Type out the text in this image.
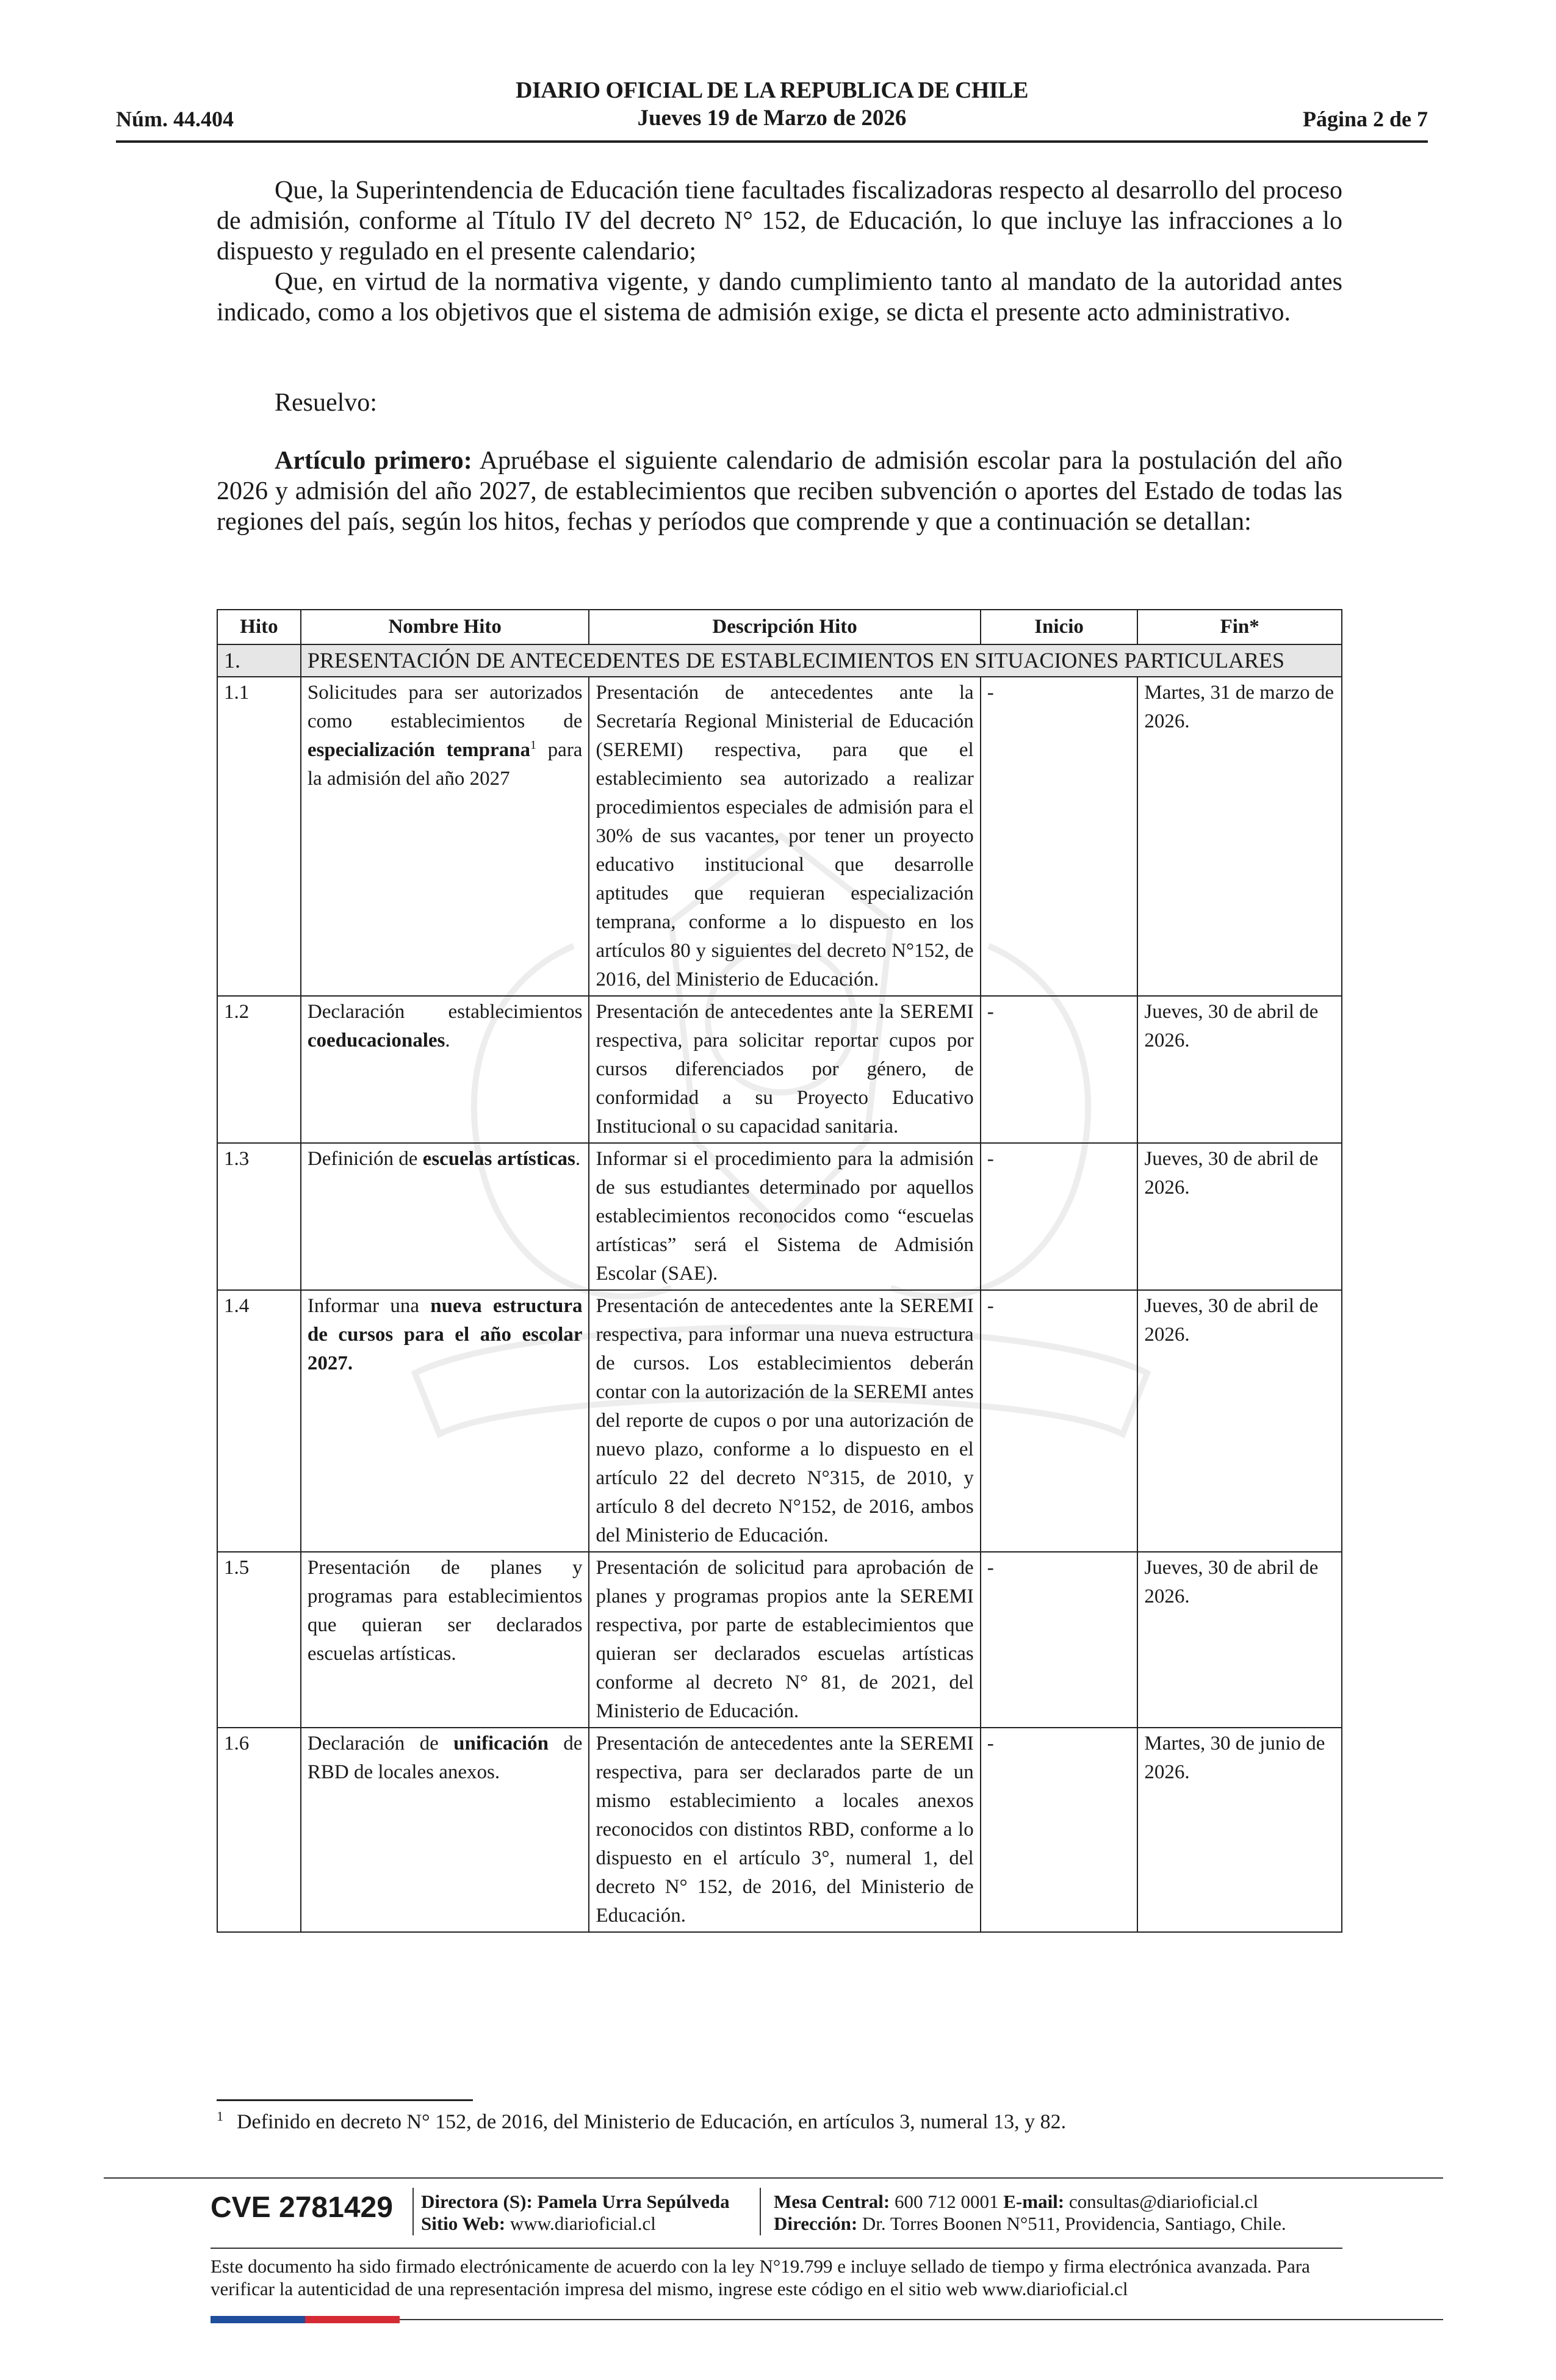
Núm. 44.404
DIARIO OFICIAL DE LA REPUBLICA DE CHILE
Jueves 19 de Marzo de 2026	Página 2 de 7

Que, la Superintendencia de Educación tiene facultades fiscalizadoras respecto al desarrollo del proceso de admisión, conforme al Título IV del decreto N° 152, de Educación, lo que incluye las infracciones a lo dispuesto y regulado en el presente calendario;

Que, en virtud de la normativa vigente, y dando cumplimiento tanto al mandato de la autoridad antes indicado, como a los objetivos que el sistema de admisión exige, se dicta el presente acto administrativo.

Resuelvo:

Artículo primero: Apruébase el siguiente calendario de admisión escolar para la postulación del año 2026 y admisión del año 2027, de establecimientos que reciben subvención o aportes del Estado de todas las regiones del país, según los hitos, fechas y períodos que comprende y que a continuación se detallan:

Hito	Nombre Hito	Descripción Hito	Inicio	Fin*
1.	PRESENTACIÓN DE ANTECEDENTES DE ESTABLECIMIENTOS EN SITUACIONES PARTICULARES			
1.1	Solicitudes para ser autorizados como establecimientos de especialización temprana$^1$ para la admisión del año 2027	Presentación de antecedentes ante la Secretaría Regional Ministerial de Educación (SEREMI) respectiva, para que el establecimiento sea autorizado a realizar procedimientos especiales de admisión para el 30% de sus vacantes, por tener un proyecto educativo institucional que desarrolle aptitudes que requieran especialización temprana, conforme a lo dispuesto en los artículos 80 y siguientes del decreto N°152, de 2016, del Ministerio de Educación.	-	Martes, 31 de marzo de 2026.
1.2	Declaración establecimientos coeducacionales.	Presentación de antecedentes ante la SEREMI respectiva, para solicitar reportar cupos por cursos diferenciados por género, de conformidad a su Proyecto Educativo Institucional o su capacidad sanitaria.	-	Jueves, 30 de abril de 2026.
1.3	Definición de escuelas artísticas.	Informar si el procedimiento para la admisión de sus estudiantes determinado por aquellos establecimientos reconocidos como “escuelas artísticas” será el Sistema de Admisión Escolar (SAE).	-	Jueves, 30 de abril de 2026.
1.4	Informar una nueva estructura de cursos para el año escolar 2027.	Presentación de antecedentes ante la SEREMI respectiva, para informar una nueva estructura de cursos. Los establecimientos deberán contar con la autorización de la SEREMI antes del reporte de cupos o por una autorización de nuevo plazo, conforme a lo dispuesto en el artículo 22 del decreto N°315, de 2010, y artículo 8 del decreto N°152, de 2016, ambos del Ministerio de Educación.	-	Jueves, 30 de abril de 2026.
1.5	Presentación de planes y programas para establecimientos que quieran ser declarados escuelas artísticas.	Presentación de solicitud para aprobación de planes y programas propios ante la SEREMI respectiva, por parte de establecimientos que quieran ser declarados escuelas artísticas conforme al decreto N° 81, de 2021, del Ministerio de Educación.	-	Jueves, 30 de abril de 2026.
1.6	Declaración de unificación de RBD de locales anexos.	Presentación de antecedentes ante la SEREMI respectiva, para ser declarados parte de un mismo establecimiento a locales anexos reconocidos con distintos RBD, conforme a lo dispuesto en el artículo 3°, numeral 1, del decreto N° 152, de 2016, del Ministerio de Educación.	-	Martes, 30 de junio de 2026.
$^1$ Definido en decreto N° 152, de 2016, del Ministerio de Educación, en artículos 3, numeral 13, y 82.
CVE 2781429 Directora (S): Pamela Urra Sepúlveda
Sitio Web: www.diarioficial.cl
Mesa Central: 600 712 0001 E-mail: consultas@diarioficial.cl
Dirección: Dr. Torres Boonen N°511, Providencia, Santiago, Chile.
Este documento ha sido firmado electrónicamente de acuerdo con la ley N°19.799 e incluye sellado de tiempo y firma electrónica avanzada. Para verificar la autenticidad de una representación impresa del mismo, ingrese este código en el sitio web www.diarioficial.cl
